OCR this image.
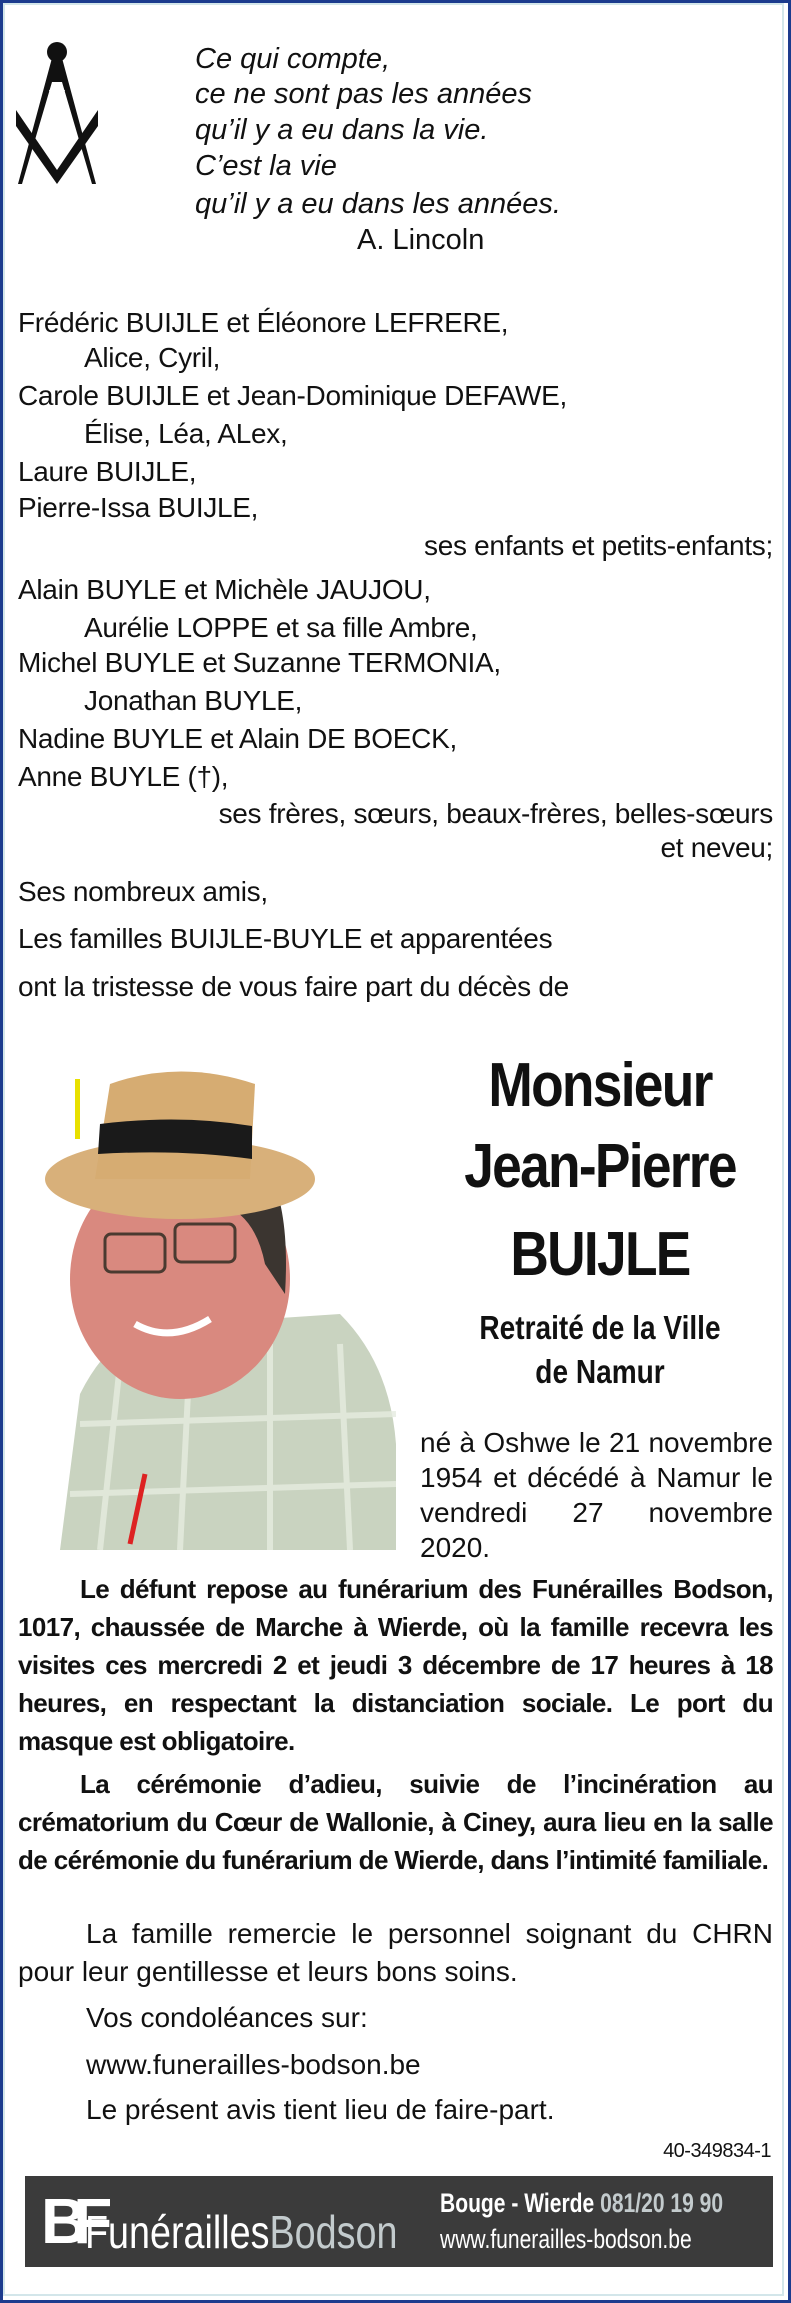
Ce qui compte,
ce ne sont pas les années
qu’il y a eu dans la vie.
C’est la vie
qu’il y a eu dans les années.
A. Lincoln
Frédéric BUIJLE et Éléonore LEFRERE,
Alice, Cyril,
Carole BUIJLE et Jean-Dominique DEFAWE,
Élise, Léa, ALex,
Laure BUIJLE,
Pierre-Issa BUIJLE,
ses enfants et petits-enfants;
Alain BUYLE et Michèle JAUJOU,
Aurélie LOPPE et sa fille Ambre,
Michel BUYLE et Suzanne TERMONIA,
Jonathan BUYLE,
Nadine BUYLE et Alain DE BOECK,
Anne BUYLE (†),
ses frères, sœurs, beaux-frères, belles-sœurs
et neveu;
Ses nombreux amis,
Les familles BUIJLE-BUYLE et apparentées
ont la tristesse de vous faire part du décès de
Monsieur
Jean-Pierre
BUIJLE
Retraité de la Ville
de Namur
né à Oshwe le 21 novembre 1954 et décédé à Namur le vendredi 27 novembre 2020.
Le défunt repose au funérarium des Funérailles Bodson, 1017, chaussée de Marche à Wierde, où la famille recevra les visites ces mercredi 2 et jeudi 3 décembre de 17 heures à 18 heures, en respectant la distanciation sociale. Le port du masque est obligatoire.
La cérémonie d’adieu, suivie de l’incinération au crématorium du Cœur de Wallonie, à Ciney, aura lieu en la salle de cérémonie du funérarium de Wierde, dans l’intimité familiale.
La famille remercie le personnel soignant du CHRN pour leur gentillesse et leurs bons soins.
Vos condoléances sur:
www.funerailles-bodson.be
Le présent avis tient lieu de faire-part.
40-349834-1
BF
FunéraillesBodson
Bouge - Wierde 081/20 19 90
www.funerailles-bodson.be
